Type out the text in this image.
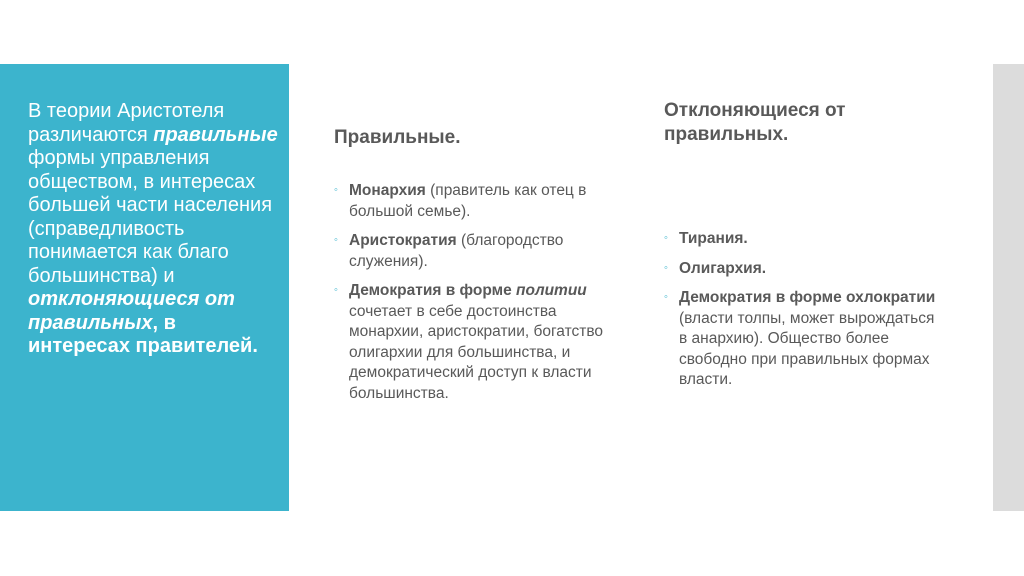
В теории Аристотеля различаются правильные формы управления обществом, в интересах большей части населения (справедливость понимается как благо большинства) и отклоняющиеся от правильных, в интересах правителей.
Правильные.
Отклоняющиеся от правильных.
◦ Монархия (правитель как отец в большой семье).
◦ Аристократия (благородство служения).
◦ Демократия в форме политии сочетает в себе достоинства монархии, аристократии, богатство олигархии для большинства, и демократический доступ к власти большинства.
◦ Тирания.
◦ Олигархия.
◦ Демократия в форме охлократии (власти толпы, может вырождаться в анархию). Общество более свободно при правильных формах власти.
